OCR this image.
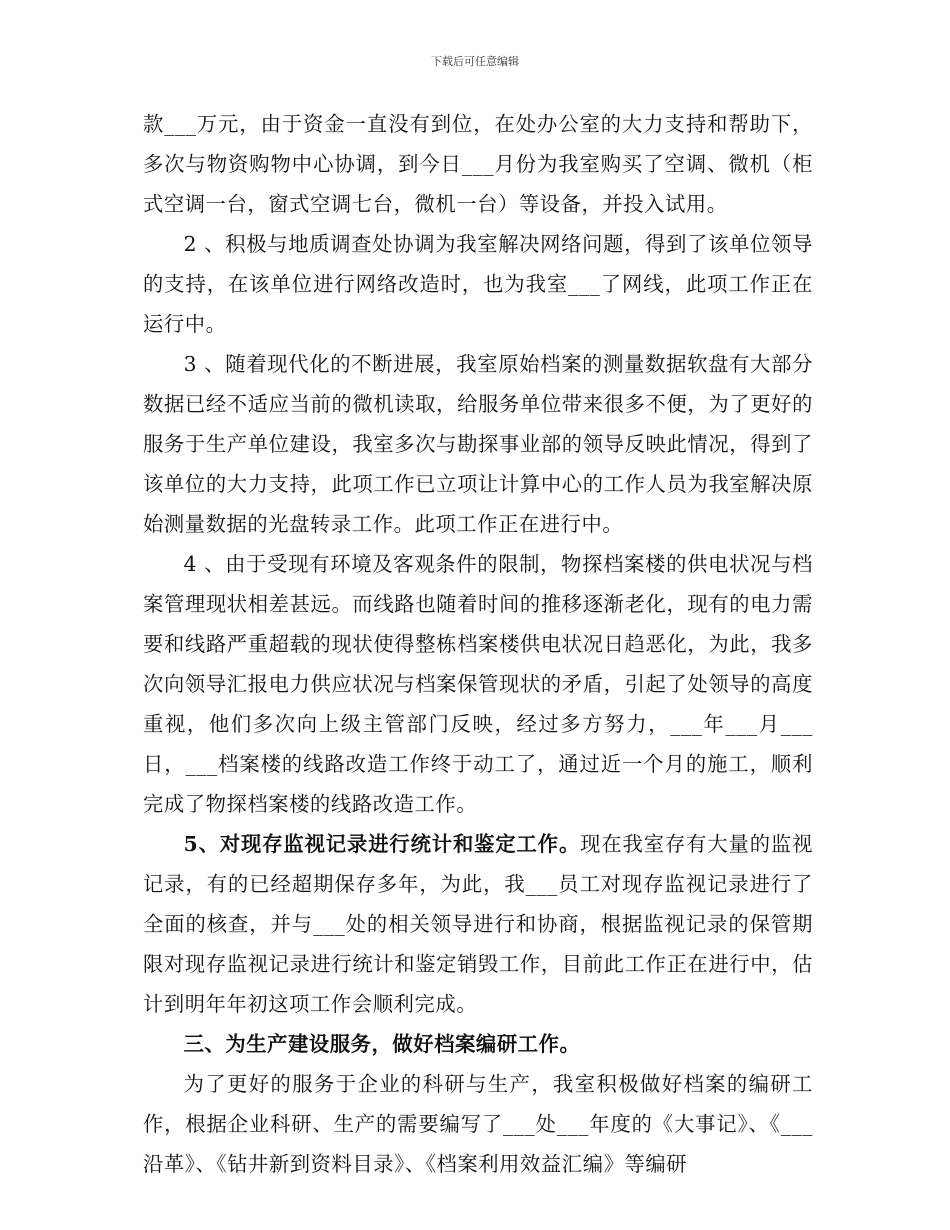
下载后可任意编辑

款___万元，由于资金一直没有到位，在处办公室的大力支持和帮助下，多次与物资购物中心协调，到今日___月份为我室购买了空调、微机（柜式空调一台，窗式空调七台，微机一台）等设备，并投入试用。

2 、积极与地质调查处协调为我室解决网络问题，得到了该单位领导的支持，在该单位进行网络改造时，也为我室___了网线，此项工作正在运行中。

3 、随着现代化的不断进展，我室原始档案的测量数据软盘有大部分数据已经不适应当前的微机读取，给服务单位带来很多不便，为了更好的服务于生产单位建设，我室多次与勘探事业部的领导反映此情况，得到了该单位的大力支持，此项工作已立项让计算中心的工作人员为我室解决原始测量数据的光盘转录工作。此项工作正在进行中。

4 、由于受现有环境及客观条件的限制，物探档案楼的供电状况与档案管理现状相差甚远。而线路也随着时间的推移逐渐老化，现有的电力需要和线路严重超载的现状使得整栋档案楼供电状况日趋恶化，为此，我多次向领导汇报电力供应状况与档案保管现状的矛盾，引起了处领导的高度重视，他们多次向上级主管部门反映，经过多方努力，___年___月___日，___档案楼的线路改造工作终于动工了，通过近一个月的施工，顺利完成了物探档案楼的线路改造工作。

5、对现存监视记录进行统计和鉴定工作。现在我室存有大量的监视记录，有的已经超期保存多年，为此，我___员工对现存监视记录进行了全面的核查，并与___处的相关领导进行和协商，根据监视记录的保管期限对现存监视记录进行统计和鉴定销毁工作，目前此工作正在进行中，估计到明年年初这项工作会顺利完成。

三、为生产建设服务，做好档案编研工作。

为了更好的服务于企业的科研与生产，我室积极做好档案的编研工作，根据企业科研、生产的需要编写了___处___年度的《大事记》、《___沿革》、《钻井新到资料目录》、《档案利用效益汇编》等编研
